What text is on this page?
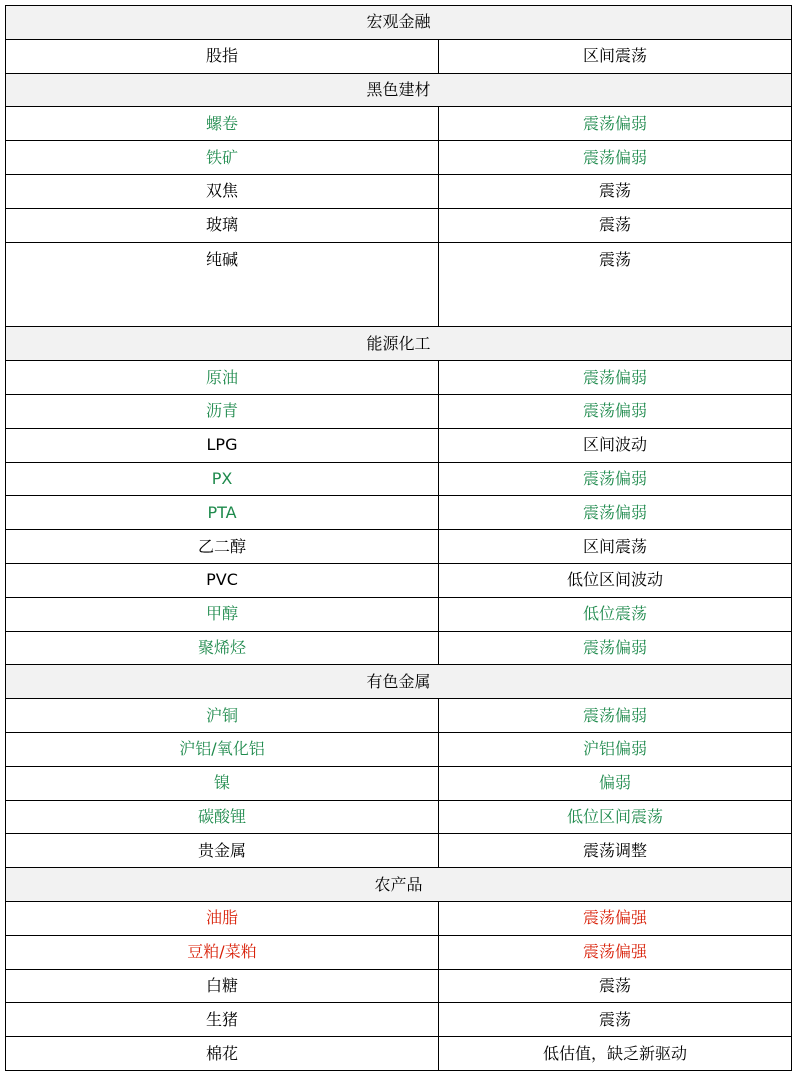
宏观金融	
股指	区间震荡
黑色建材	
螺卷	震荡偏弱
铁矿	震荡偏弱
双焦	震荡
玻璃	震荡
纯碱	震荡
能源化工	
原油	震荡偏弱
沥青	震荡偏弱
LPG	区间波动
PX	震荡偏弱
PTA	震荡偏弱
乙二醇	区间震荡
PVC	低位区间波动
甲醇	低位震荡
聚烯烃	震荡偏弱
有色金属	
沪铜	震荡偏弱
沪铝/氧化铝	沪铝偏弱
镍	偏弱
碳酸锂	低位区间震荡
贵金属	震荡调整
农产品	
油脂	震荡偏强
豆粕/菜粕	震荡偏强
白糖	震荡
生猪	震荡
棉花	低估值，缺乏新驱动
